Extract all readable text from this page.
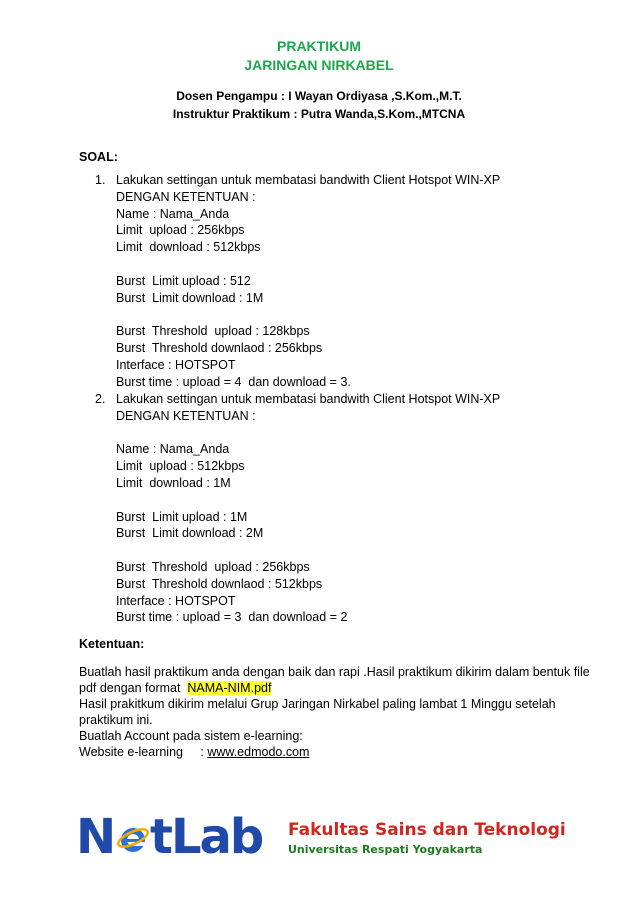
PRAKTIKUM
JARINGAN NIRKABEL
Dosen Pengampu : I Wayan Ordiyasa ,S.Kom.,M.T.
Instruktur Praktikum : Putra Wanda,S.Kom.,MTCNA
SOAL:
1. Lakukan settingan untuk membatasi bandwith Client Hotspot WIN-XP
DENGAN KETENTUAN :
Name : Nama_Anda
Limit  upload : 256kbps
Limit  download : 512kbps
Burst  Limit upload : 512
Burst  Limit download : 1M
Burst  Threshold  upload : 128kbps
Burst  Threshold downlaod : 256kbps
Interface : HOTSPOT
Burst time : upload = 4  dan download = 3.
2. Lakukan settingan untuk membatasi bandwith Client Hotspot WIN-XP
DENGAN KETENTUAN :
Name : Nama_Anda
Limit  upload : 512kbps
Limit  download : 1M
Burst  Limit upload : 1M
Burst  Limit download : 2M
Burst  Threshold  upload : 256kbps
Burst  Threshold downlaod : 512kbps
Interface : HOTSPOT
Burst time : upload = 3  dan download = 2
Ketentuan:
Buatlah hasil praktikum anda dengan baik dan rapi .Hasil praktikum dikirim dalam bentuk file
pdf dengan format  NAMA-NIM.pdf
Hasil prakitkum dikirim melalui Grup Jaringan Nirkabel paling lambat 1 Minggu setelah
praktikum ini.
Buatlah Account pada sistem e-learning:
Website e-learning     : www.edmodo.com
N tLab Fakultas Sains dan Teknologi
Universitas Respati Yogyakarta
